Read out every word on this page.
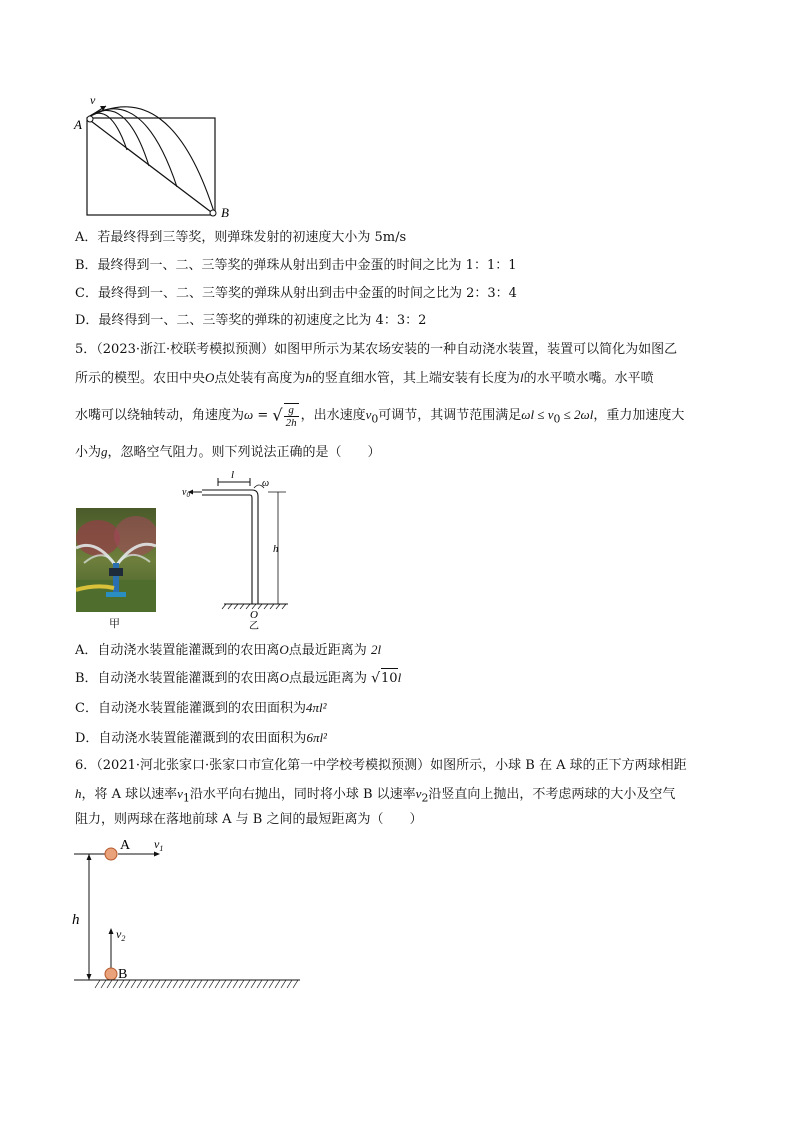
v
A
B
A．若最终得到三等奖，则弹珠发射的初速度大小为 5m/s
B．最终得到一、二、三等奖的弹珠从射出到击中金蛋的时间之比为 1：1：1
C．最终得到一、二、三等奖的弹珠从射出到击中金蛋的时间之比为 2：3：4
D．最终得到一、二、三等奖的弹珠的初速度之比为 4：3：2
5．（2023·浙江·校联考模拟预测）如图甲所示为某农场安装的一种自动浇水装置，装置可以简化为如图乙
所示的模型。农田中央O点处装有高度为h的竖直细水管，其上端安装有长度为l的水平喷水嘴。水平喷
水嘴可以绕轴转动，角速度为ω = √ $\frac{g}{2h}$ ，出水速度$v_0$可调节，其调节范围满足$\omega l \le v_0 \le 2\omega l$，重力加速度大
小为g，忽略空气阻力。则下列说法正确的是（　　）
甲
l
$v_0$
ω
h
O
乙
A．自动浇水装置能灌溉到的农田离O点最近距离为 2l
B．自动浇水装置能灌溉到的农田离O点最远距离为 √10l
C．自动浇水装置能灌溉到的农田面积为4πl²
D．自动浇水装置能灌溉到的农田面积为6πl²
6．（2021·河北张家口·张家口市宣化第一中学校考模拟预测）如图所示，小球 B 在 A 球的正下方两球相距
h，将 A 球以速率$v_1$沿水平向右抛出，同时将小球 B 以速率$v_2$沿竖直向上抛出，不考虑两球的大小及空气
阻力，则两球在落地前球 A 与 B 之间的最短距离为（　　）
h
A $v_1$
$v_2$
B
